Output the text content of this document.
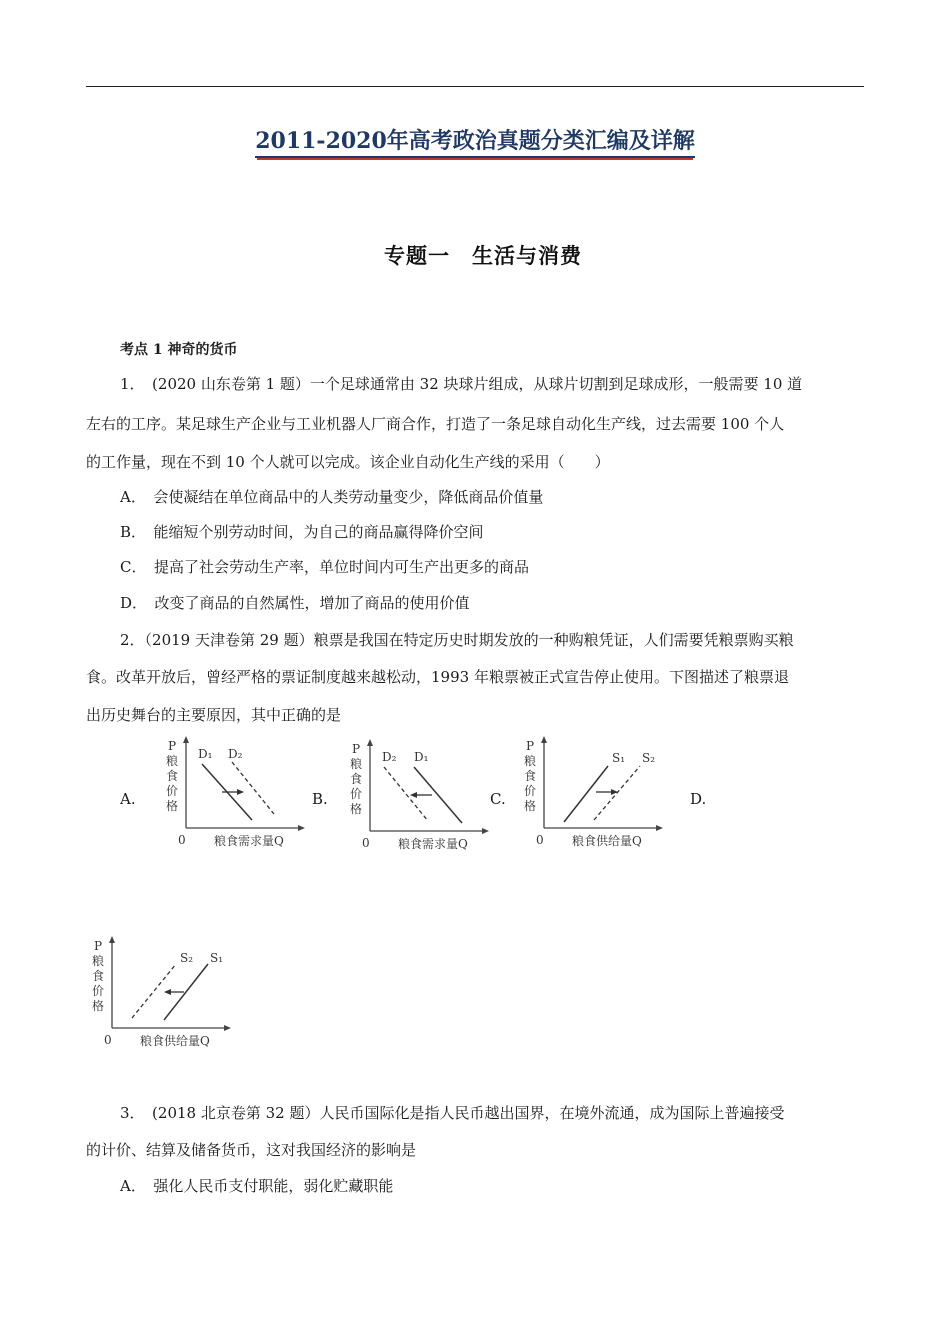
2011-2020年高考政治真题分类汇编及详解
专题一　生活与消费
考点 1 神奇的货币
1．　(2020 山东卷第 1 题）一个足球通常由 32 块球片组成，从球片切割到足球成形，一般需要 10 道
左右的工序。某足球生产企业与工业机器人厂商合作，打造了一条足球自动化生产线，过去需要 100 个人
的工作量，现在不到 10 个人就可以完成。该企业自动化生产线的采用（　　）
A．　会使凝结在单位商品中的人类劳动量变少，降低商品价值量
B．　能缩短个别劳动时间，为自己的商品赢得降价空间
C．　提高了社会劳动生产率，单位时间内可生产出更多的商品
D．　改变了商品的自然属性，增加了商品的使用价值
2．（2019 天津卷第 29 题）粮票是我国在特定历史时期发放的一种购粮凭证，人们需要凭粮票购买粮
食。改革开放后，曾经严格的票证制度越来越松动，1993 年粮票被正式宣告停止使用。下图描述了粮票退
出历史舞台的主要原因，其中正确的是
A.	B.	C.	D.
P
粮
食
价
格
0 粮食需求量Q
D₁ D₂	P
粮
食
价
格
0 粮食需求量Q
D₂ D₁
P
粮
食
价
格
0 粮食供给量Q
S₁ S₂
P
粮
食
价
格
0 粮食供给量Q
S₂ S₁
3．　(2018 北京卷第 32 题）人民币国际化是指人民币越出国界，在境外流通，成为国际上普遍接受
的计价、结算及储备货币，这对我国经济的影响是
A．　强化人民币支付职能，弱化贮藏职能
